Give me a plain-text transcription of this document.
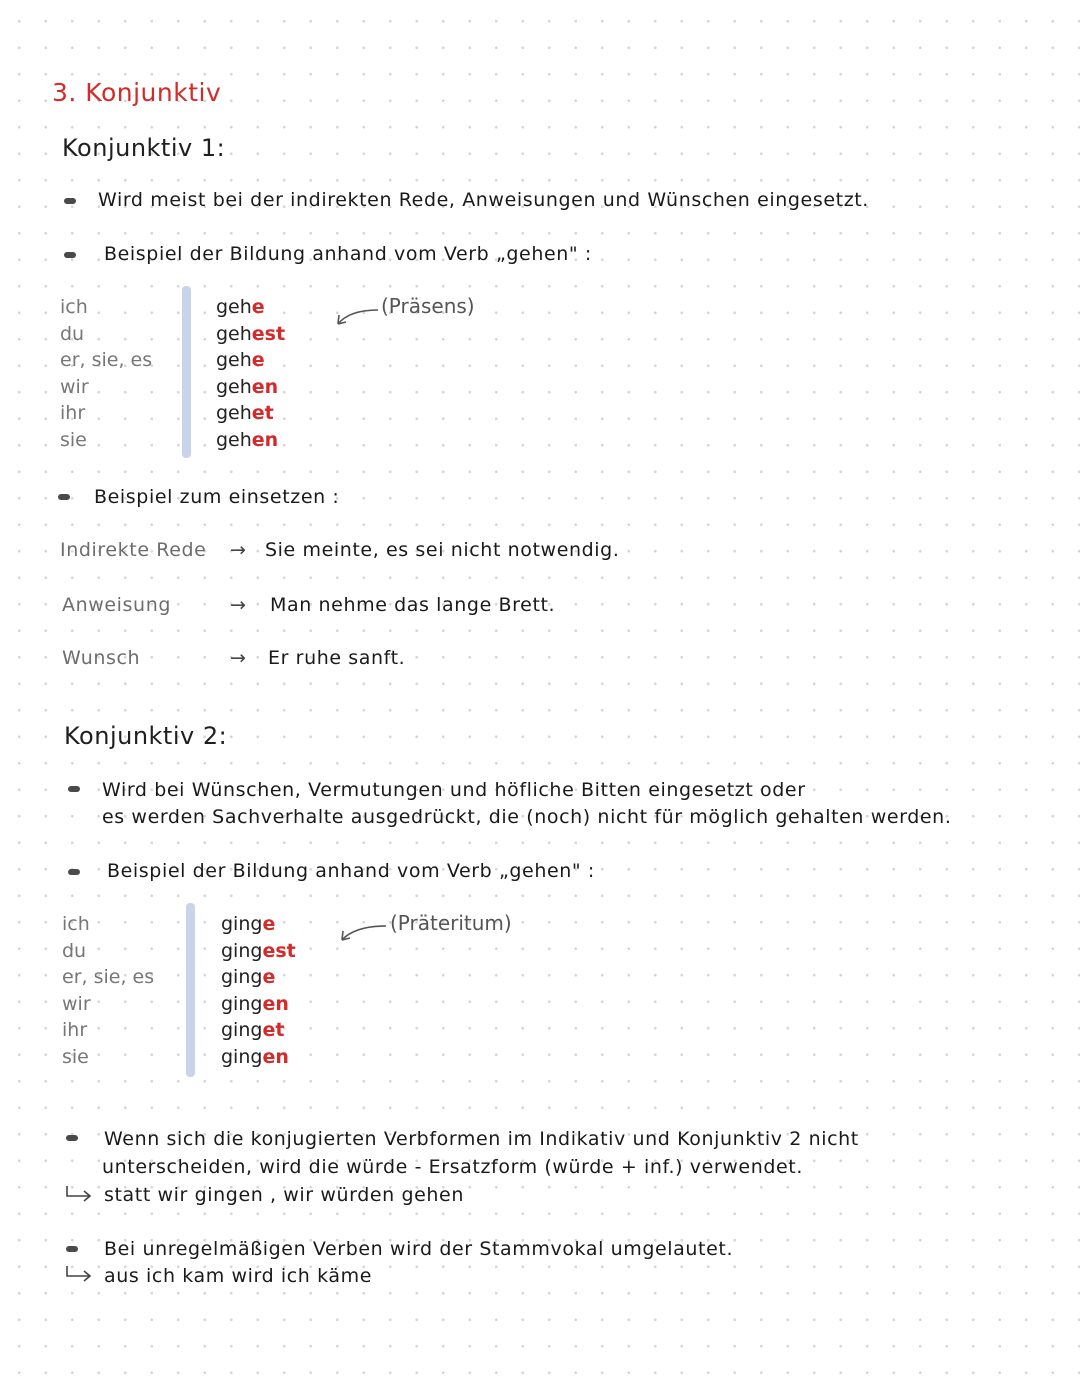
3. Konjunktiv
Konjunktiv 1:
Wird meist bei der indirekten Rede, Anweisungen und Wünschen eingesetzt.
Beispiel der Bildung anhand vom Verb „gehen" :
ich
du
er, sie, es
wir
ihr
sie
gehe
gehest
gehe
gehen
gehet
gehen
(Präsens)
Beispiel zum einsetzen :
Indirekte Rede → Sie meinte, es sei nicht notwendig.
Anweisung	→ Man nehme das lange Brett.
Wunsch	→ Er ruhe sanft.
Konjunktiv 2:
Wird bei Wünschen, Vermutungen und höfliche Bitten eingesetzt oder
es werden Sachverhalte ausgedrückt, die (noch) nicht für möglich gehalten werden.
Beispiel der Bildung anhand vom Verb „gehen" :
ich
du
er, sie, es
wir
ihr
sie
ginge
gingest
ginge
gingen
ginget
gingen
(Präteritum)
Wenn sich die konjugierten Verbformen im Indikativ und Konjunktiv 2 nicht
unterscheiden, wird die würde - Ersatzform (würde + inf.) verwendet.
statt wir gingen , wir würden gehen
Bei unregelmäßigen Verben wird der Stammvokal umgelautet.
aus ich kam wird ich käme
